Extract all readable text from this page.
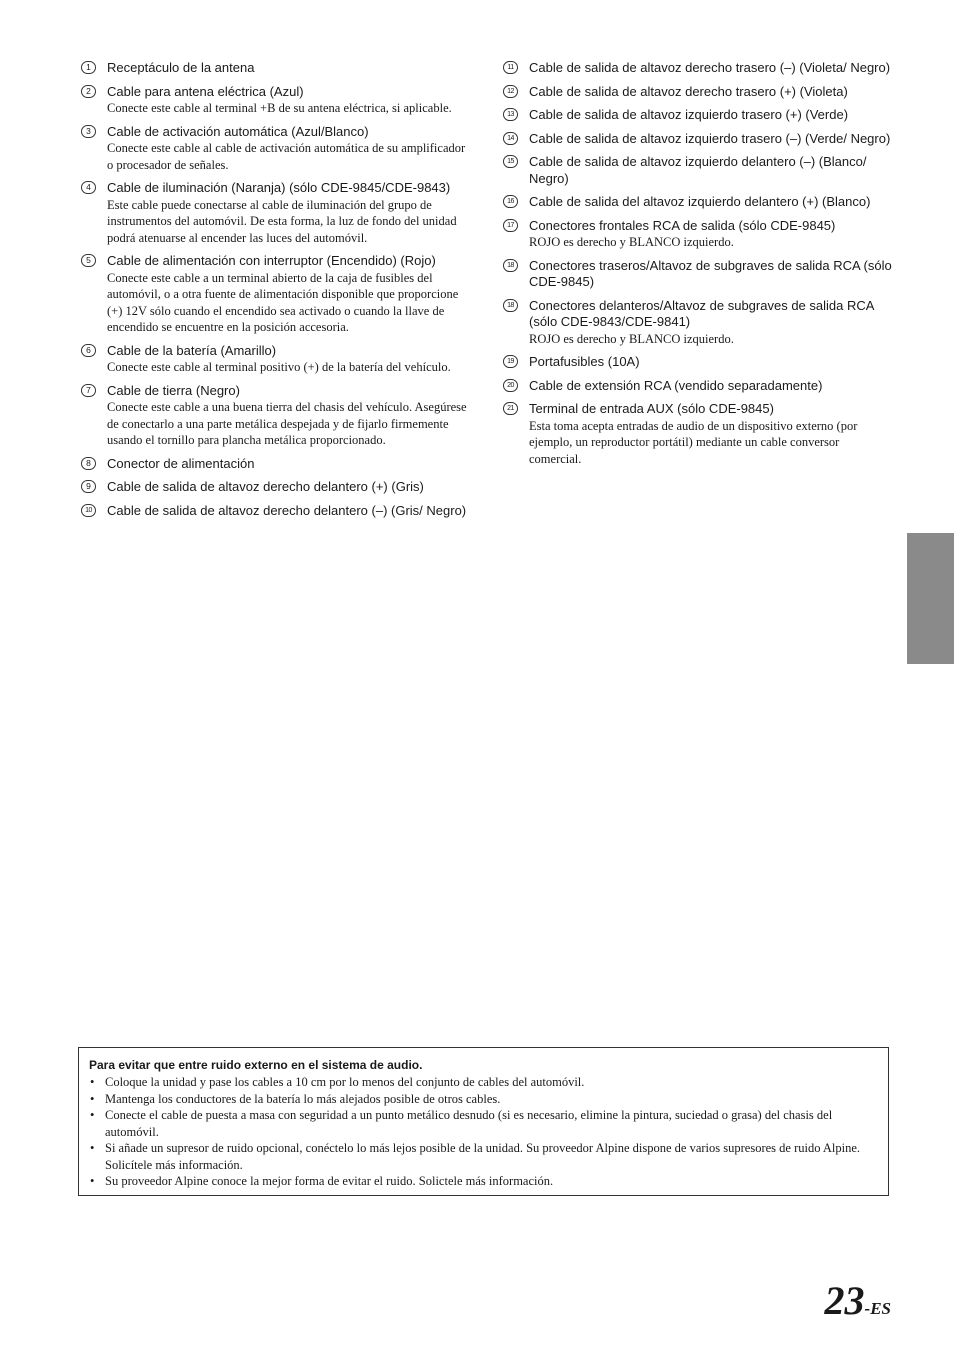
1	Receptáculo de la antena
2	Cable para antena eléctrica (Azul)
Conecte este cable al terminal +B de su antena eléctrica, si aplicable.
3	Cable de activación automática (Azul/Blanco)
Conecte este cable al cable de activación automática de su amplificador o procesador de señales.
4	Cable de iluminación (Naranja) (sólo CDE-9845/CDE-9843)
Este cable puede conectarse al cable de iluminación del grupo de instrumentos del automóvil. De esta forma, la luz de fondo del unidad podrá atenuarse al encender las luces del automóvil.
5	Cable de alimentación con interruptor (Encendido) (Rojo)
Conecte este cable a un terminal abierto de la caja de fusibles del automóvil, o a otra fuente de alimentación disponible que proporcione (+) 12V sólo cuando el encendido sea activado o cuando la llave de encendido se encuentre en la posición accesoria.
6	Cable de la batería (Amarillo)
Conecte este cable al terminal positivo (+) de la batería del vehículo.
7	Cable de tierra (Negro)
Conecte este cable a una buena tierra del chasis del vehículo. Asegúrese de conectarlo a una parte metálica despejada y de fijarlo firmemente usando el tornillo para plancha metálica proporcionado.
8	Conector de alimentación
9	Cable de salida de altavoz derecho delantero (+) (Gris)
10	Cable de salida de altavoz derecho delantero (–) (Gris/ Negro)
11	Cable de salida de altavoz derecho trasero (–) (Violeta/ Negro)
12	Cable de salida de altavoz derecho trasero (+) (Violeta)
13	Cable de salida de altavoz izquierdo trasero (+) (Verde)
14	Cable de salida de altavoz izquierdo trasero (–) (Verde/ Negro)
15	Cable de salida de altavoz izquierdo delantero (–) (Blanco/ Negro)
16	Cable de salida del altavoz izquierdo delantero (+) (Blanco)
17	Conectores frontales RCA de salida (sólo CDE-9845)
ROJO es derecho y BLANCO izquierdo.
18	Conectores traseros/Altavoz de subgraves de salida RCA (sólo CDE-9845)
18	Conectores delanteros/Altavoz de subgraves de salida RCA (sólo CDE-9843/CDE-9841)
ROJO es derecho y BLANCO izquierdo.
19	Portafusibles (10A)
20	Cable de extensión RCA (vendido separadamente)
21	Terminal de entrada AUX (sólo CDE-9845)
Esta toma acepta entradas de audio de un dispositivo externo (por ejemplo, un reproductor portátil) mediante un cable conversor comercial.
Para evitar que entre ruido externo en el sistema de audio.
• Coloque la unidad y pase los cables a 10 cm por lo menos del conjunto de cables del automóvil.
• Mantenga los conductores de la batería lo más alejados posible de otros cables.
• Conecte el cable de puesta a masa con seguridad a un punto metálico desnudo (si es necesario, elimine la pintura, suciedad o grasa) del chasis del automóvil.
• Si añade un supresor de ruido opcional, conéctelo lo más lejos posible de la unidad. Su proveedor Alpine dispone de varios supresores de ruido Alpine. Solicítele más información.
• Su proveedor Alpine conoce la mejor forma de evitar el ruido. Solictele más información.
23-ES
